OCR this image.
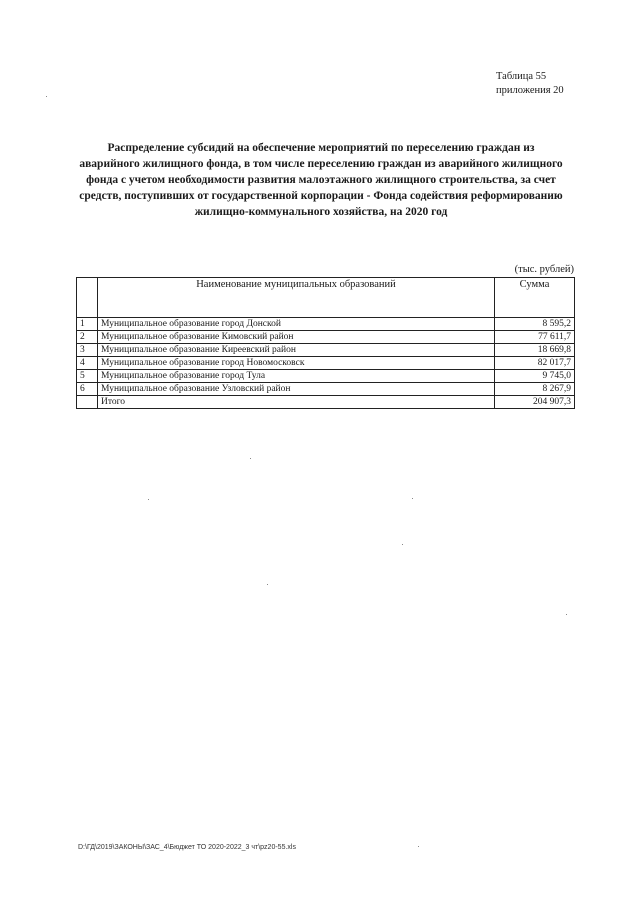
Таблица 55
приложения 20
Распределение субсидий на обеспечение мероприятий по переселению граждан из аварийного жилищного фонда, в том числе переселению граждан из аварийного жилищного фонда с учетом необходимости развития малоэтажного жилищного строительства, за счет средств, поступивших от государственной корпорации - Фонда содействия реформированию жилищно-коммунального хозяйства, на 2020 год
(тыс. рублей)
	Наименование муниципальных образований	Сумма
1	Муниципальное образование город Донской	8 595,2
2	Муниципальное образование Кимовский район	77 611,7
3	Муниципальное образование Киреевский район	18 669,8
4	Муниципальное образование город Новомосковск	82 017,7
5	Муниципальное образование город Тула	9 745,0
6	Муниципальное образование Узловский район	8 267,9
	Итого	204 907,3
D:\ГД\2019\ЗАКОНЫ\ЗАС_4\Бюджет ТО 2020-2022_3 чт\рz20-55.xls
